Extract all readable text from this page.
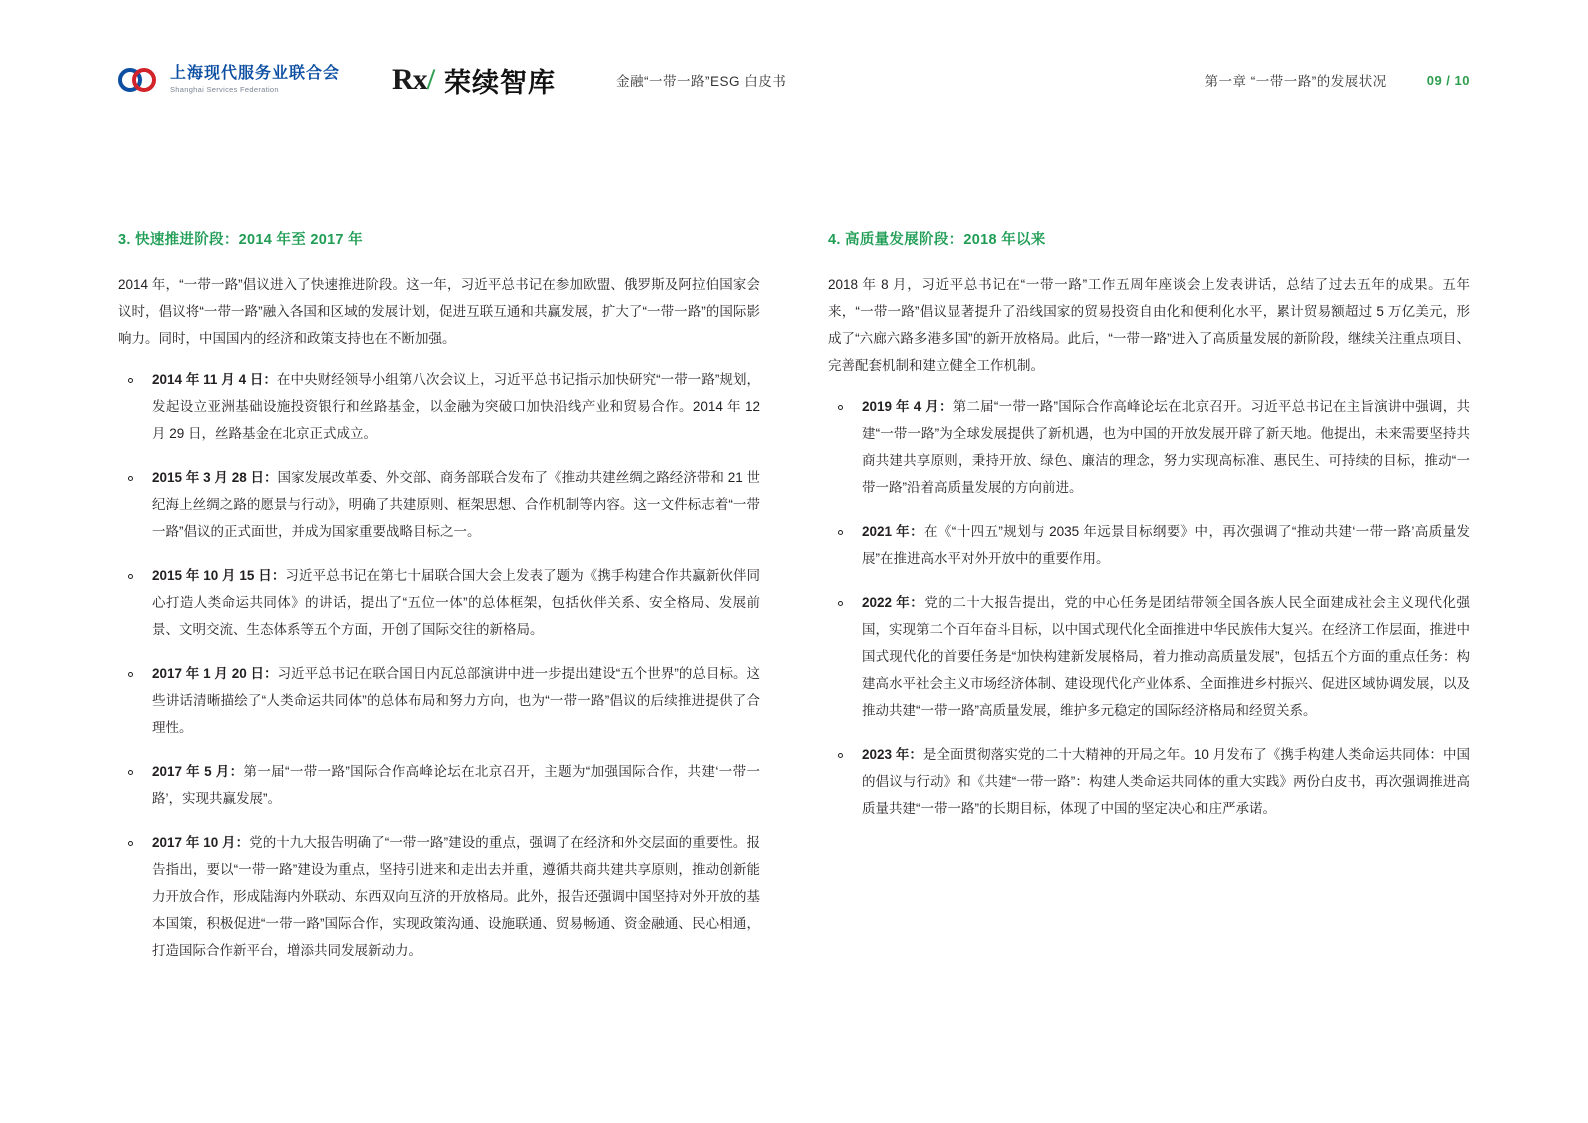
上海现代服务业联合会
Shanghai Services Federation	Rx/ 荣续智库	金融“一带一路”ESG 白皮书	第一章 “一带一路”的发展状况	09 / 10
3. 快速推进阶段：2014 年至 2017 年

2014 年，“一带一路”倡议进入了快速推进阶段。这一年，习近平总书记在参加欧盟、俄罗斯及阿拉伯国家会议时，倡议将“一带一路”融入各国和区域的发展计划，促进互联互通和共赢发展，扩大了“一带一路”的国际影响力。同时，中国国内的经济和政策支持也在不断加强。

2014 年 11 月 4 日：在中央财经领导小组第八次会议上，习近平总书记指示加快研究“一带一路”规划，发起设立亚洲基础设施投资银行和丝路基金，以金融为突破口加快沿线产业和贸易合作。2014 年 12 月 29 日，丝路基金在北京正式成立。
2015 年 3 月 28 日：国家发展改革委、外交部、商务部联合发布了《推动共建丝绸之路经济带和 21 世纪海上丝绸之路的愿景与行动》，明确了共建原则、框架思想、合作机制等内容。这一文件标志着“一带一路”倡议的正式面世，并成为国家重要战略目标之一。
2015 年 10 月 15 日：习近平总书记在第七十届联合国大会上发表了题为《携手构建合作共赢新伙伴同心打造人类命运共同体》的讲话，提出了“五位一体”的总体框架，包括伙伴关系、安全格局、发展前景、文明交流、生态体系等五个方面，开创了国际交往的新格局。
2017 年 1 月 20 日：习近平总书记在联合国日内瓦总部演讲中进一步提出建设“五个世界”的总目标。这些讲话清晰描绘了“人类命运共同体”的总体布局和努力方向，也为“一带一路”倡议的后续推进提供了合理性。
2017 年 5 月：第一届“一带一路”国际合作高峰论坛在北京召开，主题为“加强国际合作，共建‘一带一路’，实现共赢发展”。
2017 年 10 月：党的十九大报告明确了“一带一路”建设的重点，强调了在经济和外交层面的重要性。报告指出，要以“一带一路”建设为重点，坚持引进来和走出去并重，遵循共商共建共享原则，推动创新能力开放合作，形成陆海内外联动、东西双向互济的开放格局。此外，报告还强调中国坚持对外开放的基本国策，积极促进“一带一路”国际合作，实现政策沟通、设施联通、贸易畅通、资金融通、民心相通，打造国际合作新平台，增添共同发展新动力。
4. 高质量发展阶段：2018 年以来

2018 年 8 月，习近平总书记在“一带一路”工作五周年座谈会上发表讲话，总结了过去五年的成果。五年来，“一带一路”倡议显著提升了沿线国家的贸易投资自由化和便利化水平，累计贸易额超过 5 万亿美元，形成了“六廊六路多港多国”的新开放格局。此后，“一带一路”进入了高质量发展的新阶段，继续关注重点项目、完善配套机制和建立健全工作机制。

2019 年 4 月：第二届“一带一路”国际合作高峰论坛在北京召开。习近平总书记在主旨演讲中强调，共建“一带一路”为全球发展提供了新机遇，也为中国的开放发展开辟了新天地。他提出，未来需要坚持共商共建共享原则，秉持开放、绿色、廉洁的理念，努力实现高标准、惠民生、可持续的目标，推动“一带一路”沿着高质量发展的方向前进。
2021 年：在《“十四五”规划与 2035 年远景目标纲要》中，再次强调了“推动共建‘一带一路’高质量发展”在推进高水平对外开放中的重要作用。
2022 年：党的二十大报告提出，党的中心任务是团结带领全国各族人民全面建成社会主义现代化强国，实现第二个百年奋斗目标，以中国式现代化全面推进中华民族伟大复兴。在经济工作层面，推进中国式现代化的首要任务是“加快构建新发展格局，着力推动高质量发展”，包括五个方面的重点任务：构建高水平社会主义市场经济体制、建设现代化产业体系、全面推进乡村振兴、促进区域协调发展，以及推动共建“一带一路”高质量发展，维护多元稳定的国际经济格局和经贸关系。
2023 年：是全面贯彻落实党的二十大精神的开局之年。10 月发布了《携手构建人类命运共同体：中国的倡议与行动》和《共建“一带一路”：构建人类命运共同体的重大实践》两份白皮书，再次强调推进高质量共建“一带一路”的长期目标，体现了中国的坚定决心和庄严承诺。
